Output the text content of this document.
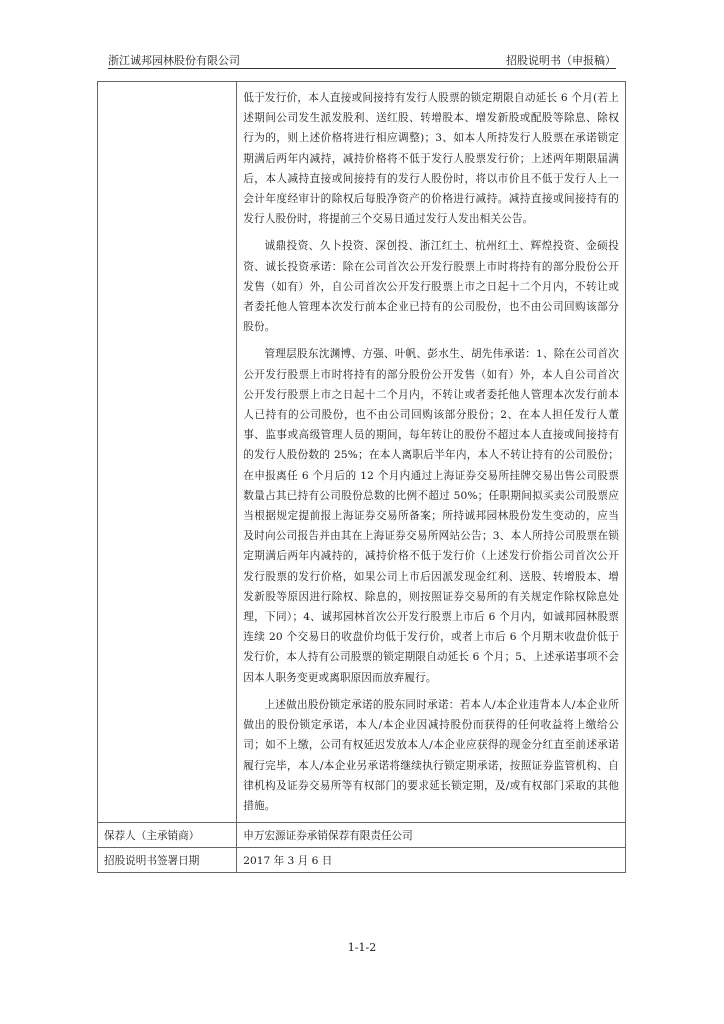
浙江诚邦园林股份有限公司	招股说明书（申报稿）

	低于发行价，本人直接或间接持有发行人股票的锁定期限自动延长 6 个月(若上述期间公司发生派发股利、送红股、转增股本、增发新股或配股等除息、除权行为的，则上述价格将进行相应调整)；3、如本人所持发行人股票在承诺锁定期满后两年内减持，减持价格将不低于发行人股票发行价；上述两年期限届满后，本人减持直接或间接持有的发行人股份时，将以市价且不低于发行人上一会计年度经审计的除权后每股净资产的价格进行减持。减持直接或间接持有的发行人股份时，将提前三个交易日通过发行人发出相关公告。

诚鼎投资、久卜投资、深创投、浙江红土、杭州红土、辉煌投资、金硕投资、诚长投资承诺：除在公司首次公开发行股票上市时将持有的部分股份公开发售（如有）外，自公司首次公开发行股票上市之日起十二个月内，不转让或者委托他人管理本次发行前本企业已持有的公司股份，也不由公司回购该部分股份。

管理层股东沈渊博、方强、叶帆、彭水生、胡先伟承诺：1、除在公司首次公开发行股票上市时将持有的部分股份公开发售（如有）外，本人自公司首次公开发行股票上市之日起十二个月内，不转让或者委托他人管理本次发行前本人已持有的公司股份，也不由公司回购该部分股份；2、在本人担任发行人董事、监事或高级管理人员的期间，每年转让的股份不超过本人直接或间接持有的发行人股份数的 25%；在本人离职后半年内，本人不转让持有的公司股份；在申报离任 6 个月后的 12 个月内通过上海证券交易所挂牌交易出售公司股票数量占其已持有公司股份总数的比例不超过 50%；任职期间拟买卖公司股票应当根据规定提前报上海证券交易所备案；所持诚邦园林股份发生变动的，应当及时向公司报告并由其在上海证券交易所网站公告；3、本人所持公司股票在锁定期满后两年内减持的，减持价格不低于发行价（上述发行价指公司首次公开发行股票的发行价格，如果公司上市后因派发现金红利、送股、转增股本、增发新股等原因进行除权、除息的，则按照证券交易所的有关规定作除权除息处理，下同）；4、诚邦园林首次公开发行股票上市后 6 个月内，如诚邦园林股票连续 20 个交易日的收盘价均低于发行价，或者上市后 6 个月期末收盘价低于发行价，本人持有公司股票的锁定期限自动延长 6 个月；5、上述承诺事项不会因本人职务变更或离职原因而放弃履行。

上述做出股份锁定承诺的股东同时承诺：若本人/本企业违背本人/本企业所做出的股份锁定承诺，本人/本企业因减持股份而获得的任何收益将上缴给公司；如不上缴，公司有权延迟发放本人/本企业应获得的现金分红直至前述承诺履行完毕，本人/本企业另承诺将继续执行锁定期承诺，按照证券监管机构、自律机构及证券交易所等有权部门的要求延长锁定期，及/或有权部门采取的其他措施。

保荐人（主承销商）	申万宏源证券承销保荐有限责任公司
招股说明书签署日期	2017 年 3 月 6 日
1-1-2
